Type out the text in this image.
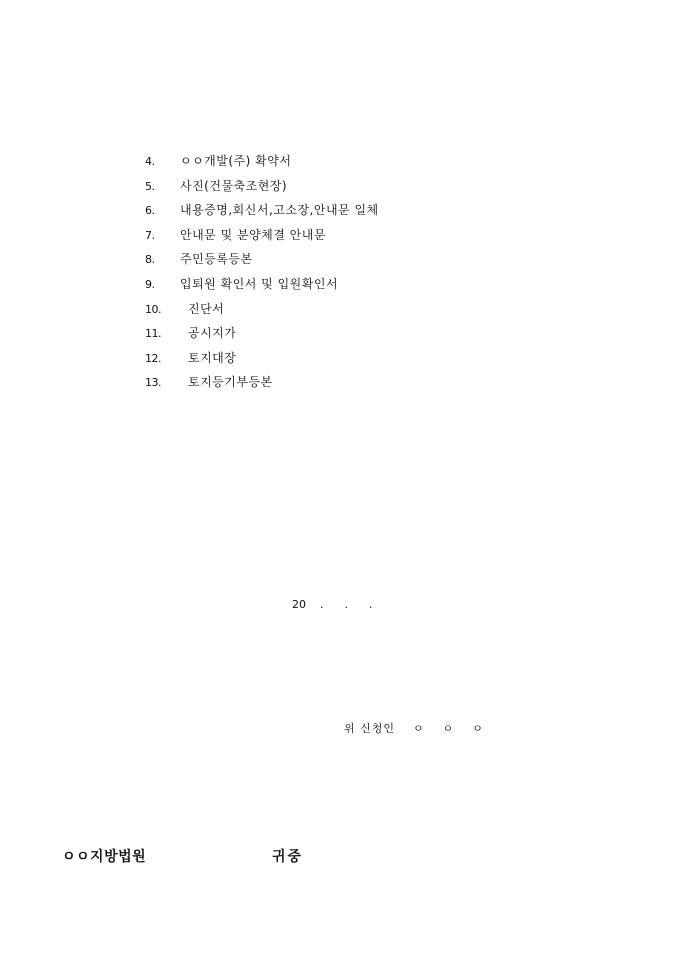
4. ㅇㅇ개발(주) 확약서
5. 사진(건물축조현장)
6. 내용증명,회신서,고소장,안내문 일체
7. 안내문 및 분양체결 안내문
8. 주민등록등본
9. 입퇴원 확인서 및 입원확인서
10. 진단서
11. 공시지가
12. 토지대장
13. 토지등기부등본
20    .      .      .
위 신청인    ㅇ    ㅇ    ㅇ
ㅇㅇ지방법원	귀중
